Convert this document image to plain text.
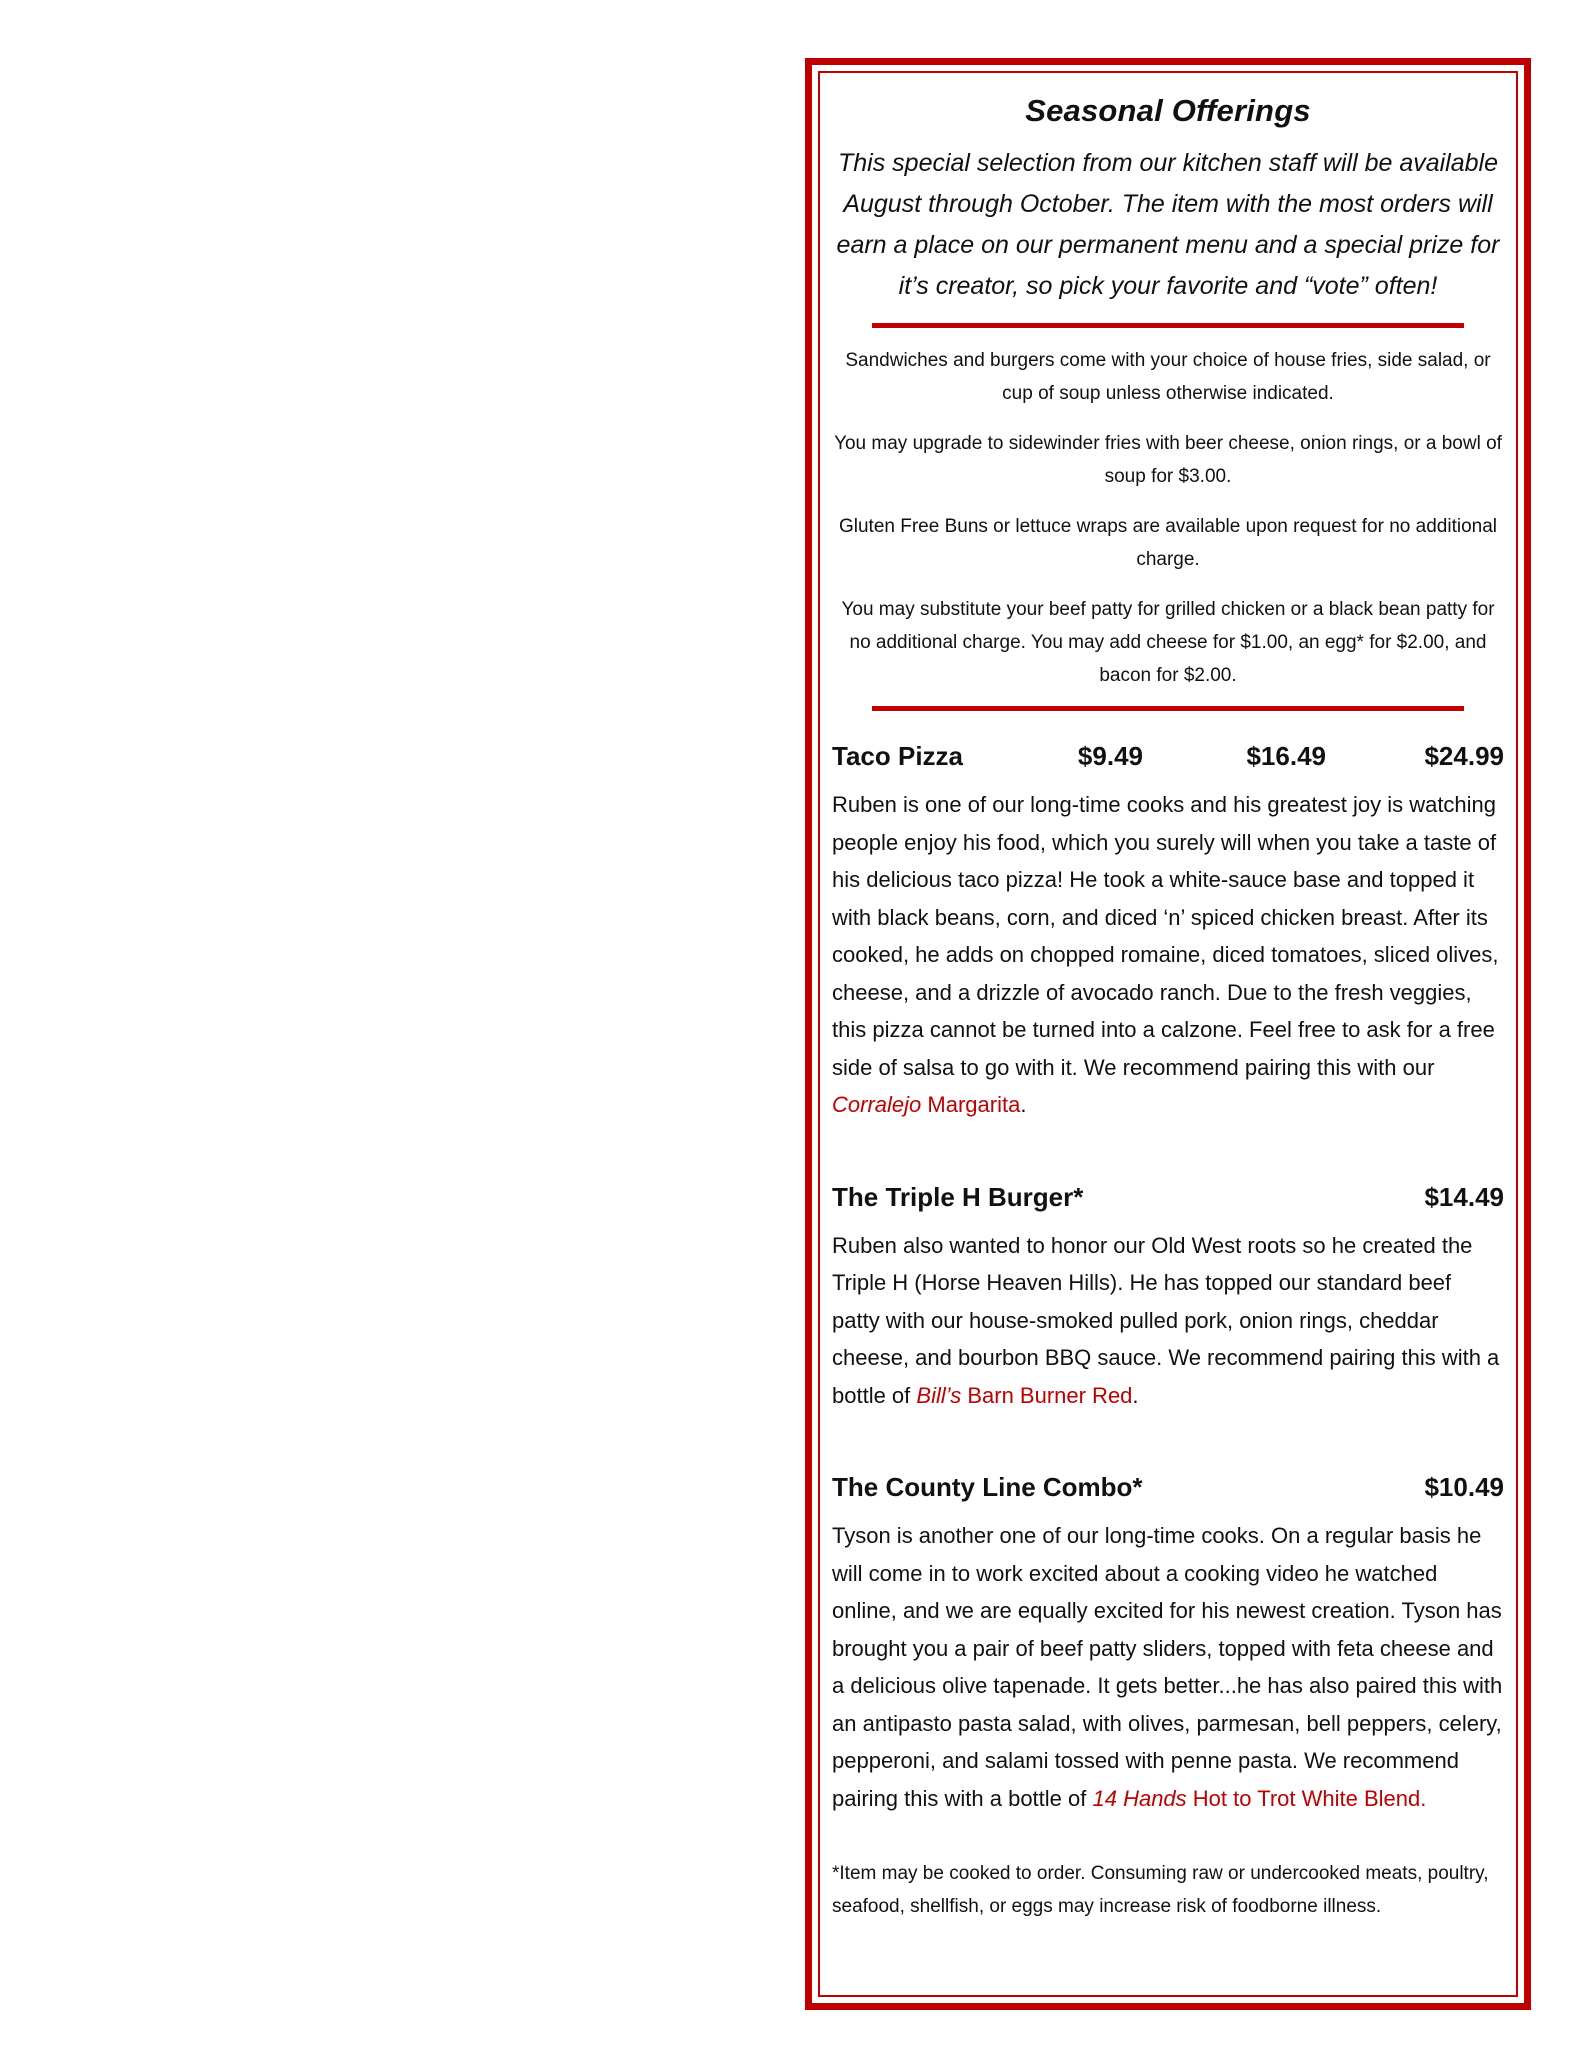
Seasonal Offerings

This special selection from our kitchen staff will be available August through October. The item with the most orders will earn a place on our permanent menu and a special prize for it’s creator, so pick your favorite and “vote” often!

Sandwiches and burgers come with your choice of house fries, side salad, or cup of soup unless otherwise indicated.

You may upgrade to sidewinder fries with beer cheese, onion rings, or a bowl of soup for $3.00.

Gluten Free Buns or lettuce wraps are available upon request for no additional charge.

You may substitute your beef patty for grilled chicken or a black bean patty for no additional charge. You may add cheese for $1.00, an egg* for $2.00, and bacon for $2.00.

Taco Pizza	$9.49	$16.49	$24.99

Ruben is one of our long-time cooks and his greatest joy is watching people enjoy his food, which you surely will when you take a taste of his delicious taco pizza! He took a white-sauce base and topped it with black beans, corn, and diced ‘n’ spiced chicken breast. After its cooked, he adds on chopped romaine, diced tomatoes, sliced olives, cheese, and a drizzle of avocado ranch. Due to the fresh veggies, this pizza cannot be turned into a calzone. Feel free to ask for a free side of salsa to go with it. We recommend pairing this with our Corralejo Margarita.

The Triple H Burger*	$14.49

Ruben also wanted to honor our Old West roots so he created the Triple H (Horse Heaven Hills). He has topped our standard beef patty with our house-smoked pulled pork, onion rings, cheddar cheese, and bourbon BBQ sauce. We recommend pairing this with a bottle of Bill’s Barn Burner Red.

The County Line Combo*	$10.49

Tyson is another one of our long-time cooks. On a regular basis he will come in to work excited about a cooking video he watched online, and we are equally excited for his newest creation. Tyson has brought you a pair of beef patty sliders, topped with feta cheese and a delicious olive tapenade. It gets better...he has also paired this with an antipasto pasta salad, with olives, parmesan, bell peppers, celery, pepperoni, and salami tossed with penne pasta. We recommend pairing this with a bottle of 14 Hands Hot to Trot White Blend.

*Item may be cooked to order. Consuming raw or undercooked meats, poultry, seafood, shellfish, or eggs may increase risk of foodborne illness.
